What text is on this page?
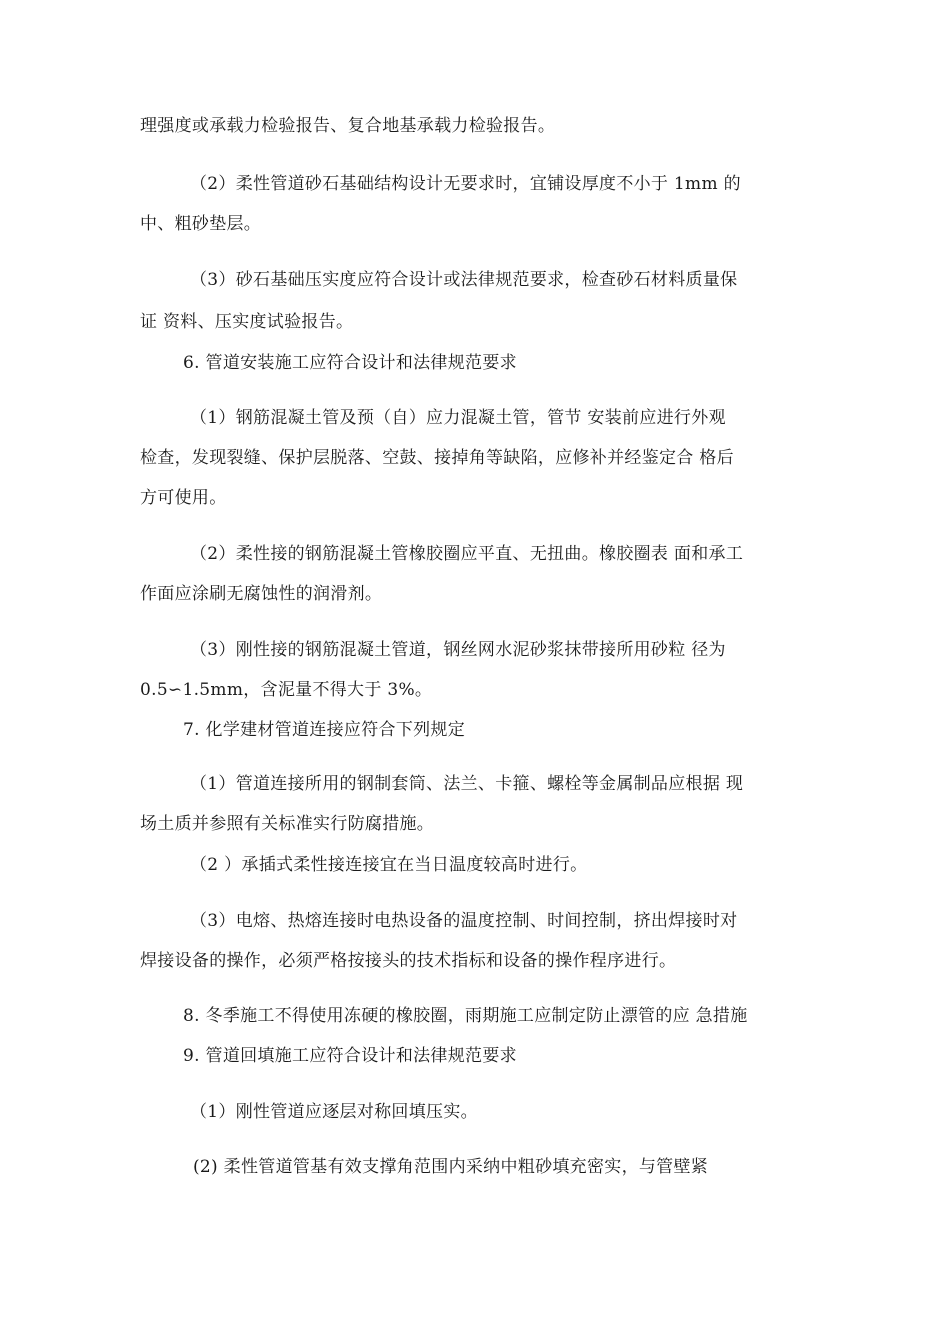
理强度或承载力检验报告、复合地基承载力检验报告。
（2）柔性管道砂石基础结构设计无要求时，宜铺设厚度不小于 1mm 的
中、粗砂垫层。
（3）砂石基础压实度应符合设计或法律规范要求，检查砂石材料质量保
证 资料、压实度试验报告。
6. 管道安装施工应符合设计和法律规范要求
（1）钢筋混凝土管及预（自）应力混凝土管，管节 安装前应进行外观
检查，发现裂缝、保护层脱落、空鼓、接掉角等缺陷，应修补并经鉴定合 格后
方可使用。
（2）柔性接的钢筋混凝土管橡胶圈应平直、无扭曲。橡胶圈表 面和承工
作面应涂刷无腐蚀性的润滑剂。
（3）刚性接的钢筋混凝土管道，钢丝网水泥砂浆抹带接所用砂粒 径为
0.5∽1.5mm，含泥量不得大于 3%。
7. 化学建材管道连接应符合下列规定
（1）管道连接所用的钢制套筒、法兰、卡箍、螺栓等金属制品应根据 现
场土质并参照有关标准实行防腐措施。
（2 ）承插式柔性接连接宜在当日温度较高时进行。
（3）电熔、热熔连接时电热设备的温度控制、时间控制，挤出焊接时对
焊接设备的操作，必须严格按接头的技术指标和设备的操作程序进行。
8. 冬季施工不得使用冻硬的橡胶圈，雨期施工应制定防止漂管的应 急措施
9. 管道回填施工应符合设计和法律规范要求
（1）刚性管道应逐层对称回填压实。
(2) 柔性管道管基有效支撑角范围内采纳中粗砂填充密实，与管壁紧
